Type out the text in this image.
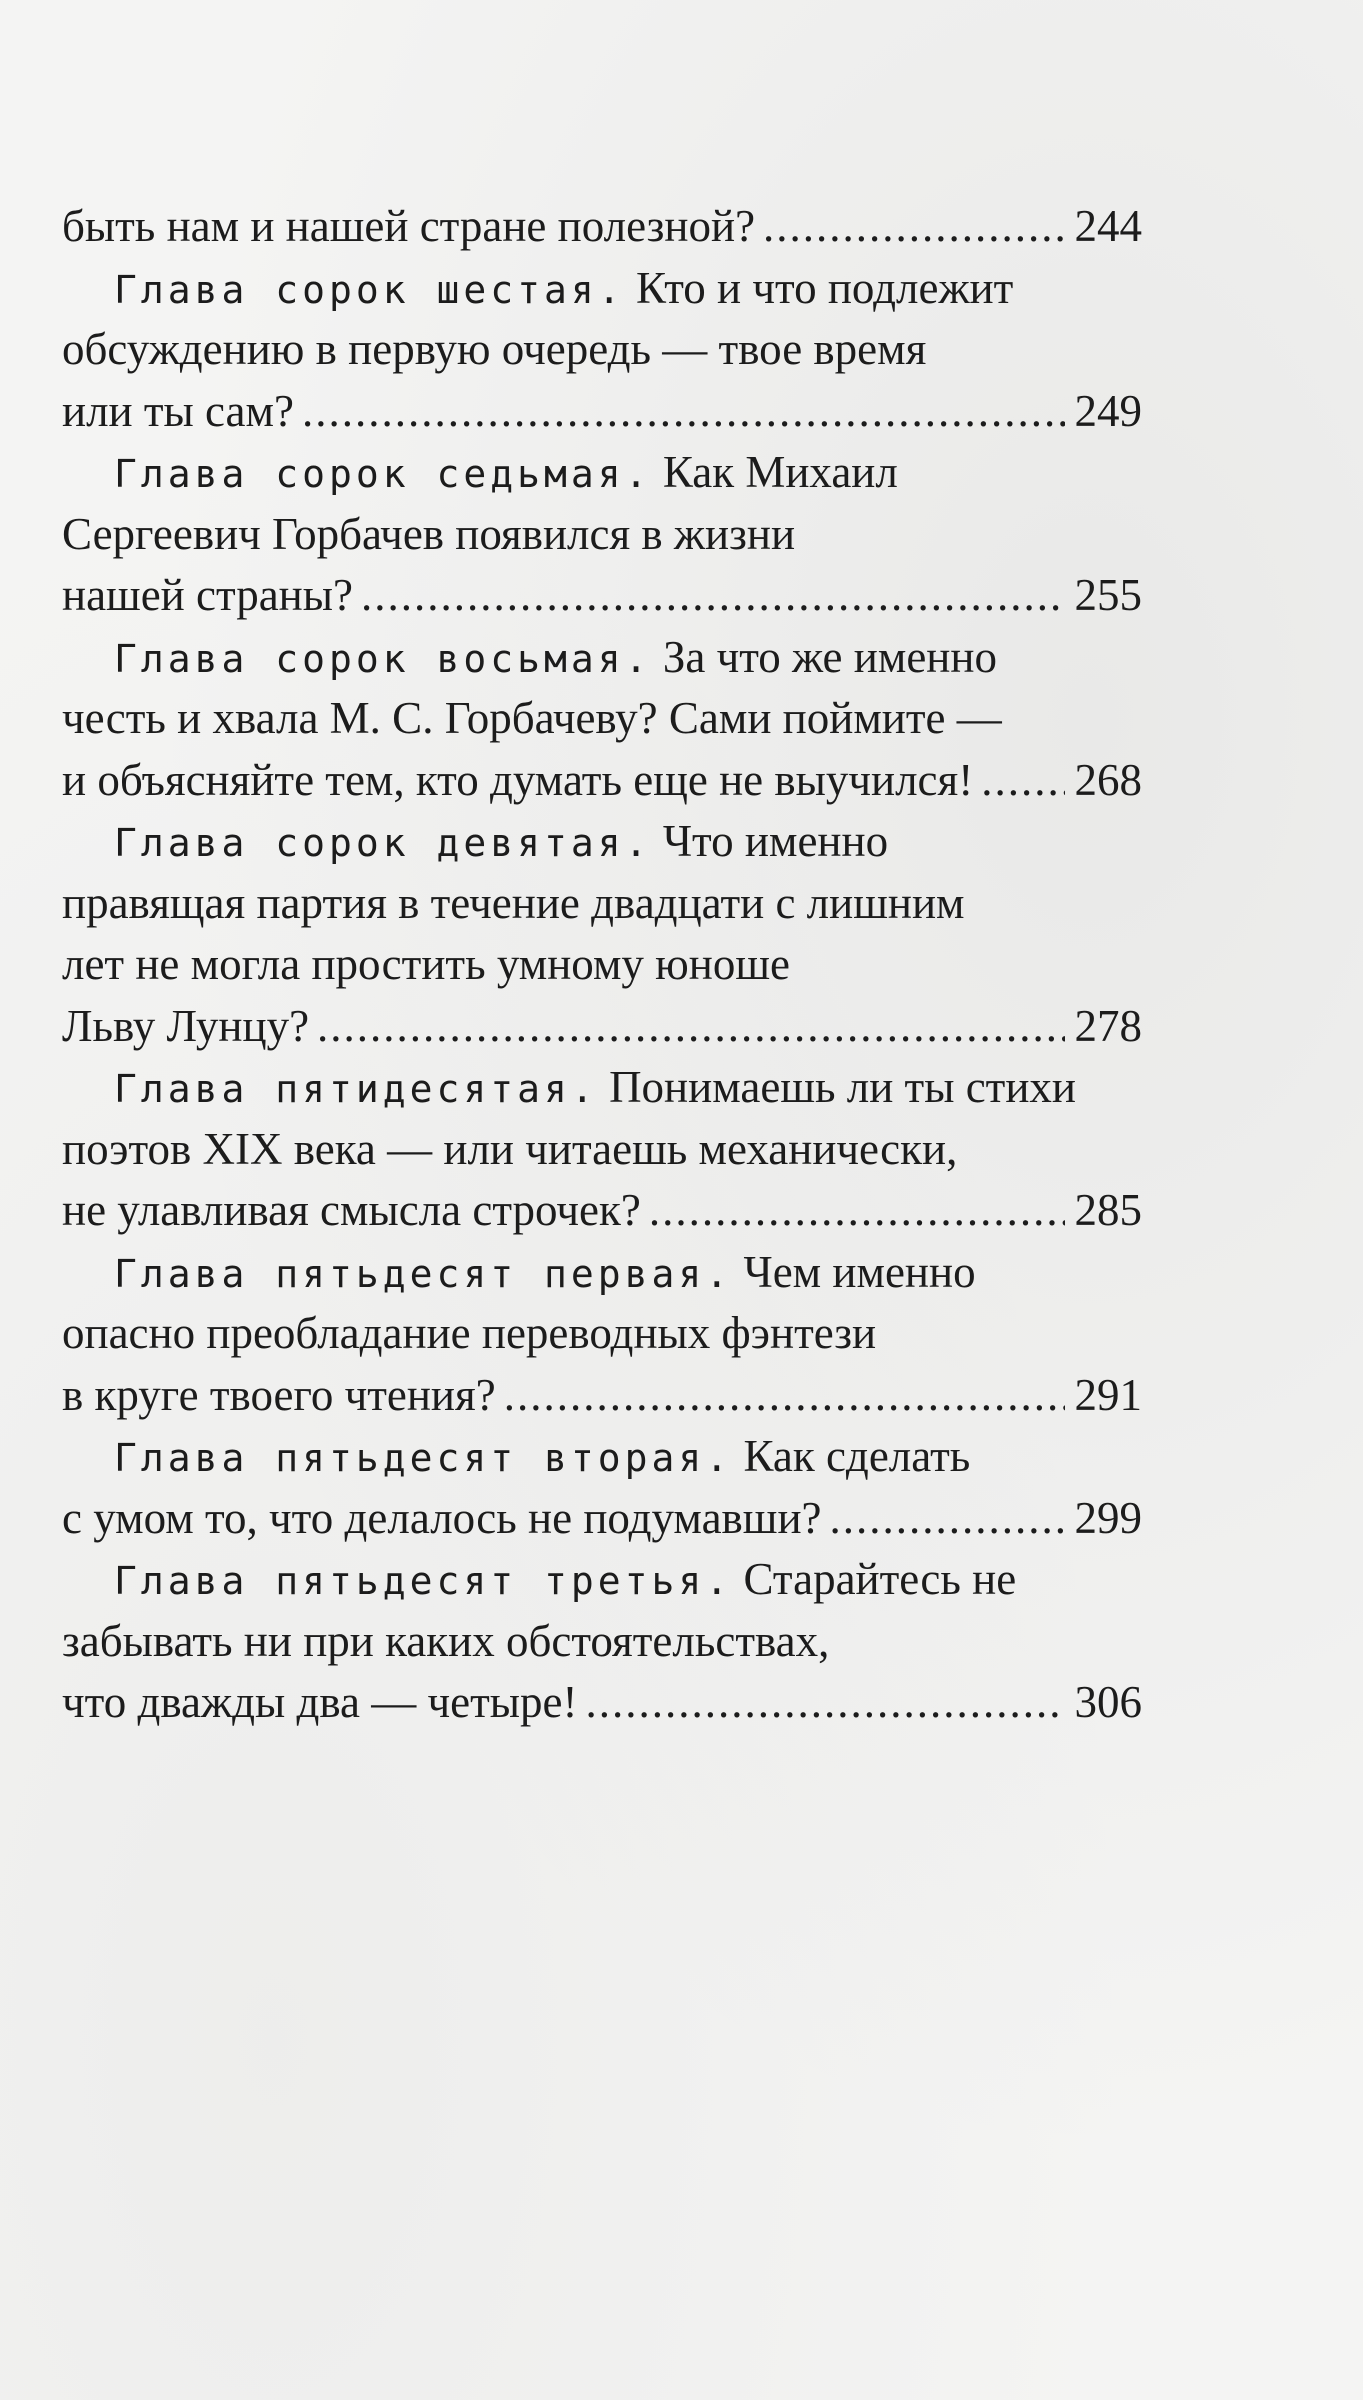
быть нам и нашей стране полезной? .....	244
Глава сорок шестая.
Кто и что подлежит
обсуждению в первую очередь — твое время
или ты сам? .....	249
Глава сорок седьмая.
Как Михаил
Сергеевич Горбачев появился в жизни
нашей страны? .....	255
Глава сорок восьмая.
За что же именно
честь и хвала М. С. Горбачеву? Сами поймите —
и объясняйте тем, кто думать еще не выучился! ..... 268
Глава сорок девятая.
Что именно
правящая партия в течение двадцати с лишним
лет не могла простить умному юноше
Льву Лунцу? .....	278
Глава пятидесятая.
Понимаешь ли ты стихи
поэтов XIX века — или читаешь механически,
не улавливая смысла строчек? .....	285
Глава пятьдесят первая.
Чем именно
опасно преобладание переводных фэнтези
в круге твоего чтения? .....	291
Глава пятьдесят вторая.
Как сделать
с умом то, что делалось не подумавши? .....	299
Глава пятьдесят третья.
Старайтесь не
забывать ни при каких обстоятельствах,
что дважды два — четыре! .....	306
